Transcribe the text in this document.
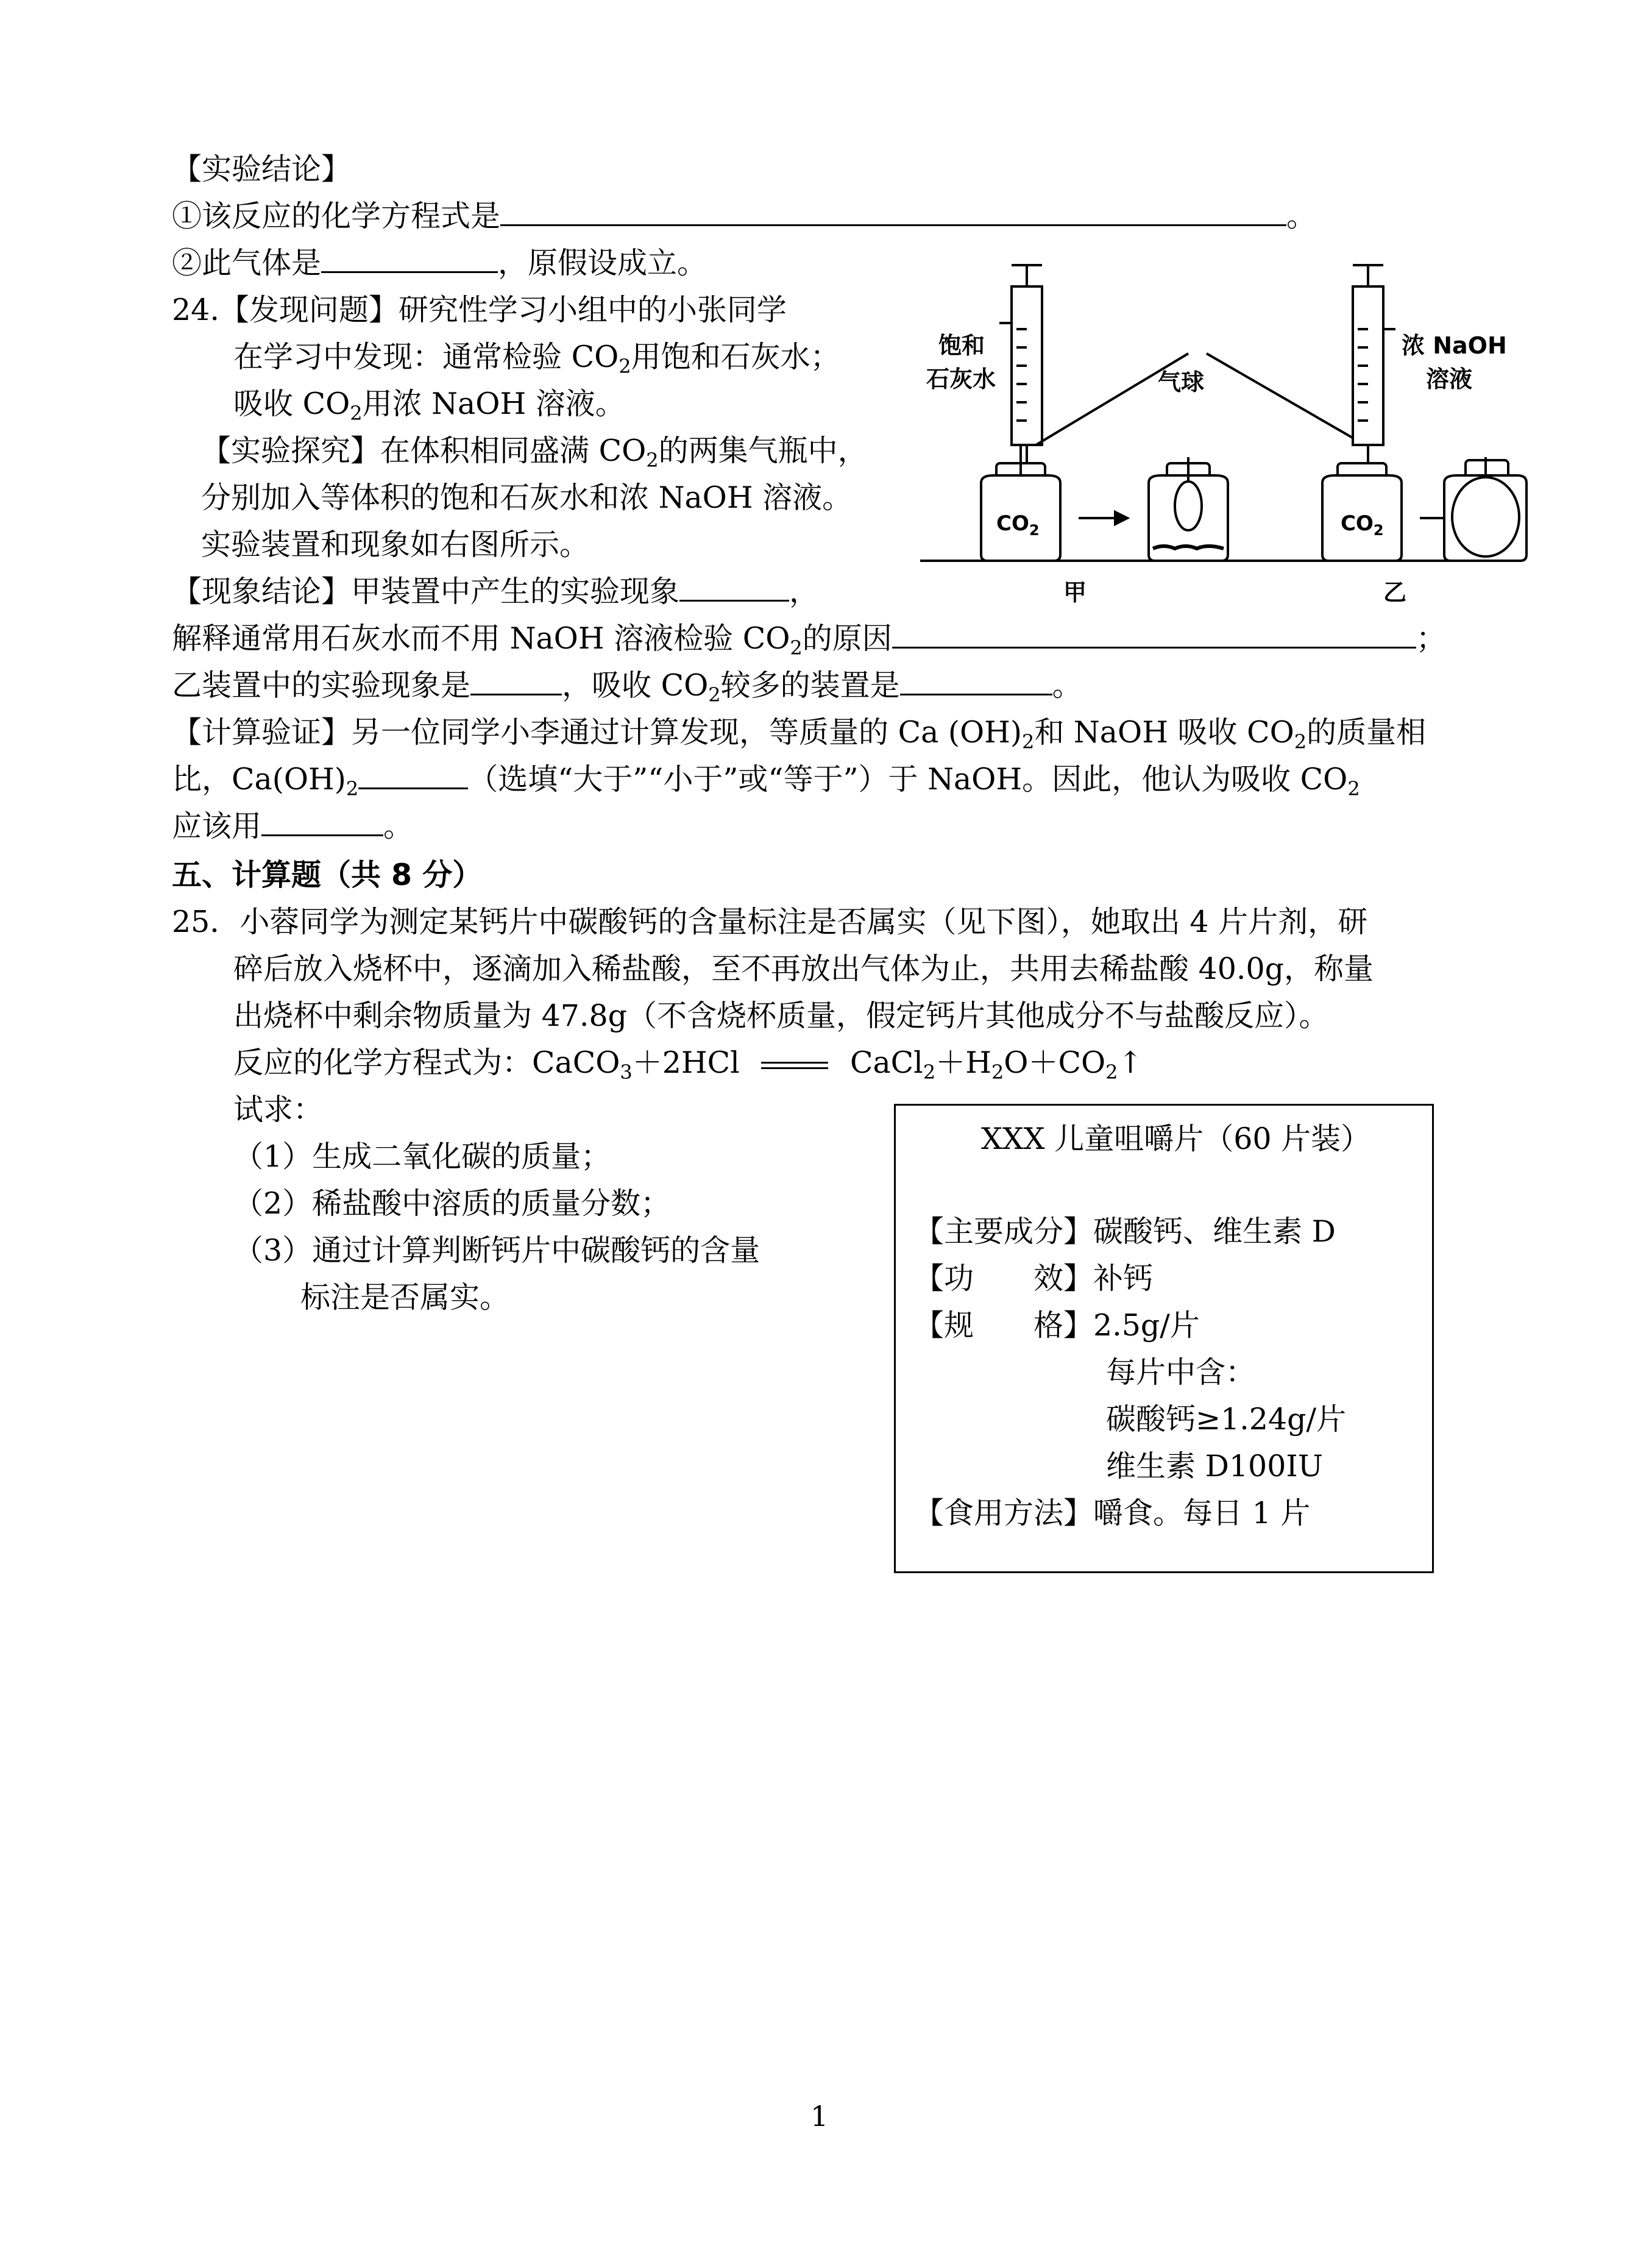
【实验结论】
①该反应的化学方程式是	。
②此气体是	，原假设成立。
24.【发现问题】研究性学习小组中的小张同学
在学习中发现：通常检验 $CO_2$用饱和石灰水；
吸收 $CO_2$用浓 NaOH 溶液。
【实验探究】在体积相同盛满 $CO_2$的两集气瓶中，
分别加入等体积的饱和石灰水和浓 NaOH 溶液。
实验装置和现象如右图所示。
【现象结论】甲装置中产生的实验现象	，
解释通常用石灰水而不用 NaOH 溶液检验 $CO_2$的原因	；
乙装置中的实验现象是	，吸收 $CO_2$较多的装置是	。
【计算验证】另一位同学小李通过计算发现，等质量的 Ca $(OH)_2$和 NaOH 吸收 $CO_2$的质量相
比，$Ca(OH)_2$	（选填“大于”“小于”或“等于”）于 NaOH。因此，他认为吸收 $CO_2$
应该用	。
饱和
石灰水	气球
浓 NaOH
溶液
$CO_2$	$CO_2$
甲	乙
五、计算题（共 8 分）
25．小蓉同学为测定某钙片中碳酸钙的含量标注是否属实（见下图），她取出 4 片片剂，研
碎后放入烧杯中，逐滴加入稀盐酸，至不再放出气体为止，共用去稀盐酸 40.0g，称量
出烧杯中剩余物质量为 47.8g（不含烧杯质量，假定钙片其他成分不与盐酸反应）。
反应的化学方程式为：CaCO$_3$＋2HCl	$CaCl_2+H_2O+CO_2↑$
试求：
（1）生成二氧化碳的质量；
（2）稀盐酸中溶质的质量分数；
（3）通过计算判断钙片中碳酸钙的含量
标注是否属实。
XXX 儿童咀嚼片（60 片装）
【主要成分】碳酸钙、维生素 D
【功　　效】补钙
【规　　格】2.5g/片
每片中含：
碳酸钙≥1.24g/片
维生素 D100IU
【食用方法】嚼食。每日 1 片
1
